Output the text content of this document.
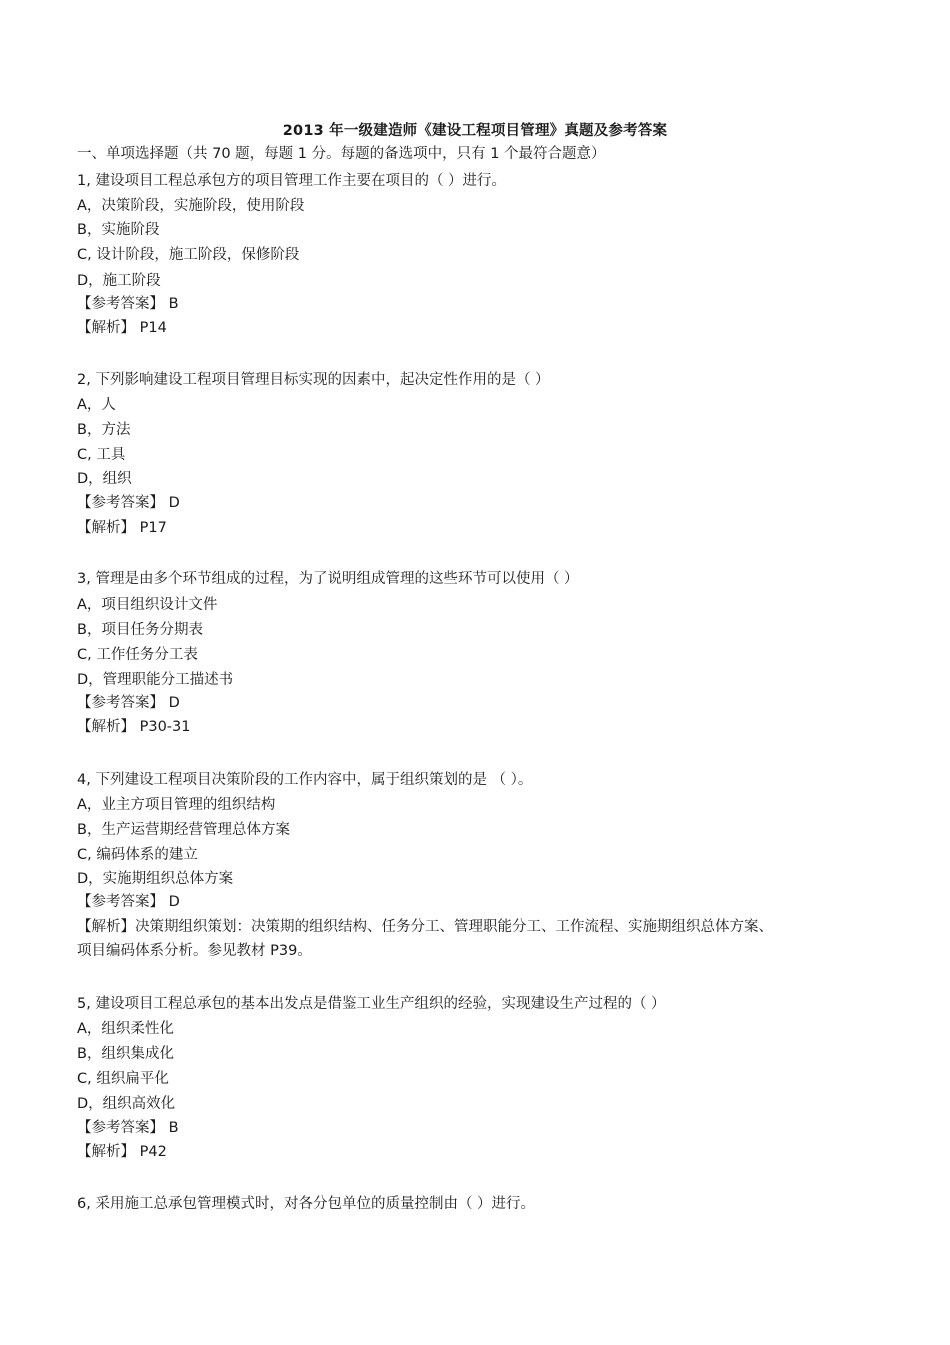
2013 年一级建造师《建设工程项目管理》真题及参考答案
一、单项选择题（共 70 题，每题 1 分。每题的备选项中，只有 1 个最符合题意）
1, 建设项目工程总承包方的项目管理工作主要在项目的（ ）进行。
A，决策阶段，实施阶段，使用阶段
B，实施阶段
C, 设计阶段，施工阶段，保修阶段
D，施工阶段
【参考答案】 B
【解析】 P14
2, 下列影响建设工程项目管理目标实现的因素中，起决定性作用的是（ ）
A，人
B，方法
C, 工具
D，组织
【参考答案】 D
【解析】 P17
3, 管理是由多个环节组成的过程，为了说明组成管理的这些环节可以使用（ ）
A，项目组织设计文件
B，项目任务分期表
C, 工作任务分工表
D，管理职能分工描述书
【参考答案】 D
【解析】 P30-31
4, 下列建设工程项目决策阶段的工作内容中，属于组织策划的是 （ ）。
A，业主方项目管理的组织结构
B，生产运营期经营管理总体方案
C, 编码体系的建立
D，实施期组织总体方案
【参考答案】 D
【解析】决策期组织策划：决策期的组织结构、任务分工、管理职能分工、工作流程、实施期组织总体方案、项目编码体系分析。参见教材 P39。
5, 建设项目工程总承包的基本出发点是借鉴工业生产组织的经验，实现建设生产过程的（ ）
A，组织柔性化
B，组织集成化
C, 组织扁平化
D，组织高效化
【参考答案】 B
【解析】 P42
6, 采用施工总承包管理模式时，对各分包单位的质量控制由（ ）进行。
